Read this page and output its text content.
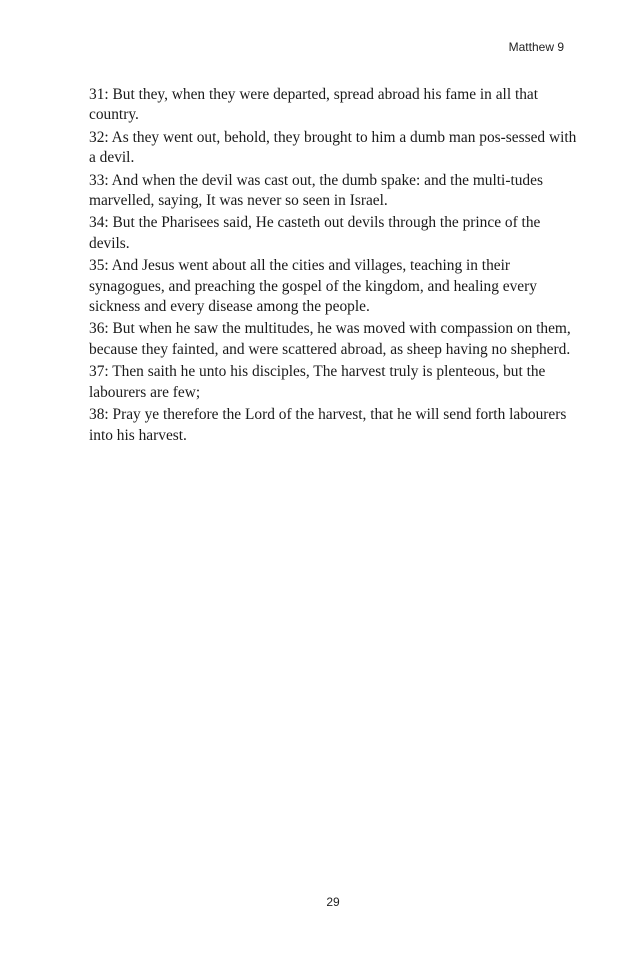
Matthew 9

31: But they, when they were departed, spread abroad his fame in all that country.

32: As they went out, behold, they brought to him a dumb man pos-sessed with a devil.

33: And when the devil was cast out, the dumb spake: and the multi-tudes marvelled, saying, It was never so seen in Israel.

34: But the Pharisees said, He casteth out devils through the prince of the devils.

35: And Jesus went about all the cities and villages, teaching in their synagogues, and preaching the gospel of the kingdom, and healing every sickness and every disease among the people.

36: But when he saw the multitudes, he was moved with compassion on them, because they fainted, and were scattered abroad, as sheep having no shepherd.

37: Then saith he unto his disciples, The harvest truly is plenteous, but the labourers are few;

38: Pray ye therefore the Lord of the harvest, that he will send forth labourers into his harvest.

29
